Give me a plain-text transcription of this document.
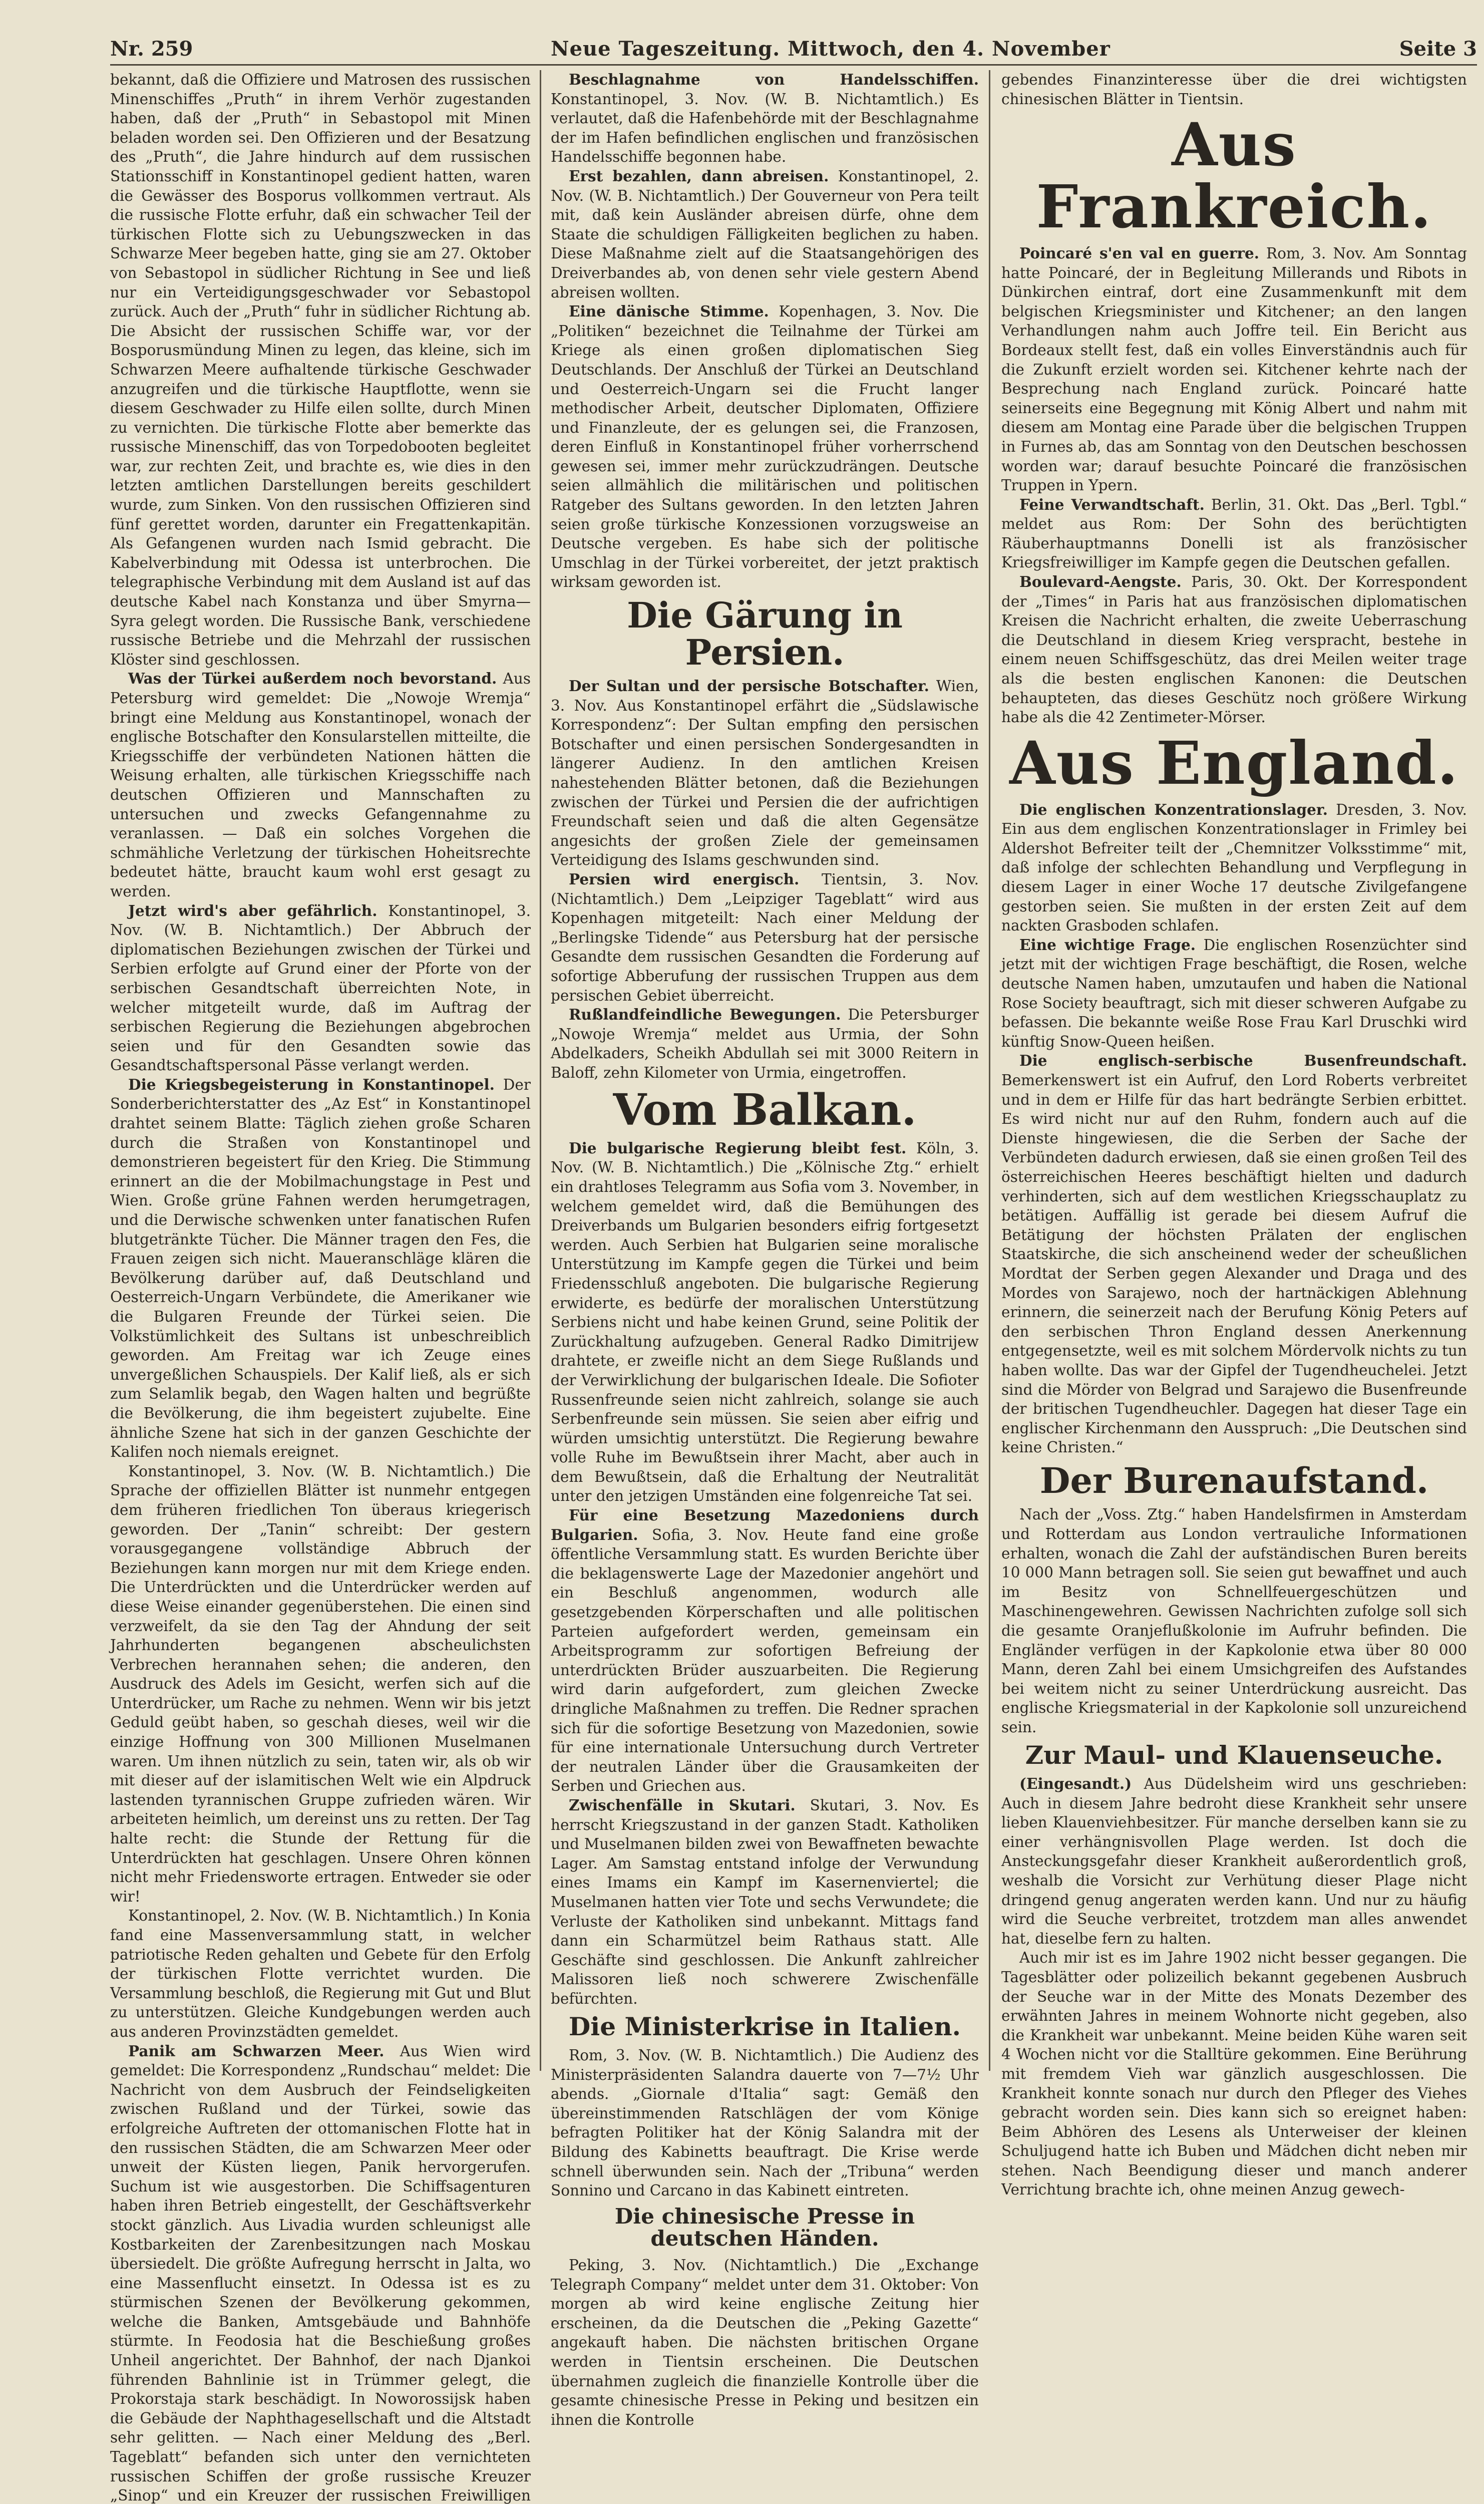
Nr. 259	Neue Tageszeitung. Mittwoch, den 4. November	Seite 3

bekannt, daß die Offiziere und Matrosen des russischen Minenschiffes „Pruth“ in ihrem Verhör zugestanden haben, daß der „Pruth“ in Sebastopol mit Minen beladen worden sei. Den Offizieren und der Besatzung des „Pruth“, die Jahre hindurch auf dem russischen Stationsschiff in Konstantinopel gedient hatten, waren die Gewässer des Bosporus vollkommen vertraut. Als die russische Flotte erfuhr, daß ein schwacher Teil der türkischen Flotte sich zu Uebungszwecken in das Schwarze Meer begeben hatte, ging sie am 27. Oktober von Sebastopol in südlicher Richtung in See und ließ nur ein Verteidigungsgeschwader vor Sebastopol zurück. Auch der „Pruth“ fuhr in südlicher Richtung ab. Die Absicht der russischen Schiffe war, vor der Bosporusmündung Minen zu legen, das kleine, sich im Schwarzen Meere aufhaltende türkische Geschwader anzugreifen und die türkische Hauptflotte, wenn sie diesem Geschwader zu Hilfe eilen sollte, durch Minen zu vernichten. Die türkische Flotte aber bemerkte das russische Minenschiff, das von Torpedobooten begleitet war, zur rechten Zeit, und brachte es, wie dies in den letzten amtlichen Darstellungen bereits geschildert wurde, zum Sinken. Von den russischen Offizieren sind fünf gerettet worden, darunter ein Fregattenkapitän. Als Gefangenen wurden nach Ismid gebracht. Die Kabelverbindung mit Odessa ist unterbrochen. Die telegraphische Verbindung mit dem Ausland ist auf das deutsche Kabel nach Konstanza und über Smyrna—Syra gelegt worden. Die Russische Bank, verschiedene russische Betriebe und die Mehrzahl der russischen Klöster sind geschlossen.

Was der Türkei außerdem noch bevorstand. Aus Petersburg wird gemeldet: Die „Nowoje Wremja“ bringt eine Meldung aus Konstantinopel, wonach der englische Botschafter den Konsularstellen mitteilte, die Kriegsschiffe der verbündeten Nationen hätten die Weisung erhalten, alle türkischen Kriegsschiffe nach deutschen Offizieren und Mannschaften zu untersuchen und zwecks Gefangennahme zu veranlassen. — Daß ein solches Vorgehen die schmähliche Verletzung der türkischen Hoheitsrechte bedeutet hätte, braucht kaum wohl erst gesagt zu werden.

Jetzt wird's aber gefährlich. Konstantinopel, 3. Nov. (W. B. Nichtamtlich.) Der Abbruch der diplomatischen Beziehungen zwischen der Türkei und Serbien erfolgte auf Grund einer der Pforte von der serbischen Gesandtschaft überreichten Note, in welcher mitgeteilt wurde, daß im Auftrag der serbischen Regierung die Beziehungen abgebrochen seien und für den Gesandten sowie das Gesandtschaftspersonal Pässe verlangt werden.

Die Kriegsbegeisterung in Konstantinopel. Der Sonderberichterstatter des „Az Est“ in Konstantinopel drahtet seinem Blatte: Täglich ziehen große Scharen durch die Straßen von Konstantinopel und demonstrieren begeistert für den Krieg. Die Stimmung erinnert an die der Mobilmachungstage in Pest und Wien. Große grüne Fahnen werden herumgetragen, und die Derwische schwenken unter fanatischen Rufen blutgetränkte Tücher. Die Männer tragen den Fes, die Frauen zeigen sich nicht. Maueranschläge klären die Bevölkerung darüber auf, daß Deutschland und Oesterreich-Ungarn Verbündete, die Amerikaner wie die Bulgaren Freunde der Türkei seien. Die Volkstümlichkeit des Sultans ist unbeschreiblich geworden. Am Freitag war ich Zeuge eines unvergeßlichen Schauspiels. Der Kalif ließ, als er sich zum Selamlik begab, den Wagen halten und begrüßte die Bevölkerung, die ihm begeistert zujubelte. Eine ähnliche Szene hat sich in der ganzen Geschichte der Kalifen noch niemals ereignet.

Konstantinopel, 3. Nov. (W. B. Nichtamtlich.) Die Sprache der offiziellen Blätter ist nunmehr entgegen dem früheren friedlichen Ton überaus kriegerisch geworden. Der „Tanin“ schreibt: Der gestern vorausgegangene vollständige Abbruch der Beziehungen kann morgen nur mit dem Kriege enden. Die Unterdrückten und die Unterdrücker werden auf diese Weise einander gegenüberstehen. Die einen sind verzweifelt, da sie den Tag der Ahndung der seit Jahrhunderten begangenen abscheulichsten Verbrechen herannahen sehen; die anderen, den Ausdruck des Adels im Gesicht, werfen sich auf die Unterdrücker, um Rache zu nehmen. Wenn wir bis jetzt Geduld geübt haben, so geschah dieses, weil wir die einzige Hoffnung von 300 Millionen Muselmanen waren. Um ihnen nützlich zu sein, taten wir, als ob wir mit dieser auf der islamitischen Welt wie ein Alpdruck lastenden tyrannischen Gruppe zufrieden wären. Wir arbeiteten heimlich, um dereinst uns zu retten. Der Tag halte recht: die Stunde der Rettung für die Unterdrückten hat geschlagen. Unsere Ohren können nicht mehr Friedensworte ertragen. Entweder sie oder wir!

Konstantinopel, 2. Nov. (W. B. Nichtamtlich.) In Konia fand eine Massenversammlung statt, in welcher patriotische Reden gehalten und Gebete für den Erfolg der türkischen Flotte verrichtet wurden. Die Versammlung beschloß, die Regierung mit Gut und Blut zu unterstützen. Gleiche Kundgebungen werden auch aus anderen Provinzstädten gemeldet.

Panik am Schwarzen Meer. Aus Wien wird gemeldet: Die Korrespondenz „Rundschau“ meldet: Die Nachricht von dem Ausbruch der Feindseligkeiten zwischen Rußland und der Türkei, sowie das erfolgreiche Auftreten der ottomanischen Flotte hat in den russischen Städten, die am Schwarzen Meer oder unweit der Küsten liegen, Panik hervorgerufen. Suchum ist wie ausgestorben. Die Schiffsagenturen haben ihren Betrieb eingestellt, der Geschäftsverkehr stockt gänzlich. Aus Livadia wurden schleunigst alle Kostbarkeiten der Zarenbesitzungen nach Moskau übersiedelt. Die größte Aufregung herrscht in Jalta, wo eine Massenflucht einsetzt. In Odessa ist es zu stürmischen Szenen der Bevölkerung gekommen, welche die Banken, Amtsgebäude und Bahnhöfe stürmte. In Feodosia hat die Beschießung großes Unheil angerichtet. Der Bahnhof, der nach Djankoi führenden Bahnlinie ist in Trümmer gelegt, die Prokorstaja stark beschädigt. In Noworossijsk haben die Gebäude der Naphthagesellschaft und die Altstadt sehr gelitten. — Nach einer Meldung des „Berl. Tageblatt“ befanden sich unter den vernichteten russischen Schiffen der große russische Kreuzer „Sinop“ und ein Kreuzer der russischen Freiwilligen

Beschlagnahme von Handelsschiffen. Konstantinopel, 3. Nov. (W. B. Nichtamtlich.) Es verlautet, daß die Hafenbehörde mit der Beschlagnahme der im Hafen befindlichen englischen und französischen Handelsschiffe begonnen habe.

Erst bezahlen, dann abreisen. Konstantinopel, 2. Nov. (W. B. Nichtamtlich.) Der Gouverneur von Pera teilt mit, daß kein Ausländer abreisen dürfe, ohne dem Staate die schuldigen Fälligkeiten beglichen zu haben. Diese Maßnahme zielt auf die Staatsangehörigen des Dreiverbandes ab, von denen sehr viele gestern Abend abreisen wollten.

Eine dänische Stimme. Kopenhagen, 3. Nov. Die „Politiken“ bezeichnet die Teilnahme der Türkei am Kriege als einen großen diplomatischen Sieg Deutschlands. Der Anschluß der Türkei an Deutschland und Oesterreich-Ungarn sei die Frucht langer methodischer Arbeit, deutscher Diplomaten, Offiziere und Finanzleute, der es gelungen sei, die Franzosen, deren Einfluß in Konstantinopel früher vorherrschend gewesen sei, immer mehr zurückzudrängen. Deutsche seien allmählich die militärischen und politischen Ratgeber des Sultans geworden. In den letzten Jahren seien große türkische Konzessionen vorzugsweise an Deutsche vergeben. Es habe sich der politische Umschlag in der Türkei vorbereitet, der jetzt praktisch wirksam geworden ist.

Die Gärung in Persien.

Der Sultan und der persische Botschafter. Wien, 3. Nov. Aus Konstantinopel erfährt die „Südslawische Korrespondenz“: Der Sultan empfing den persischen Botschafter und einen persischen Sondergesandten in längerer Audienz. In den amtlichen Kreisen nahestehenden Blätter betonen, daß die Beziehungen zwischen der Türkei und Persien die der aufrichtigen Freundschaft seien und daß die alten Gegensätze angesichts der großen Ziele der gemeinsamen Verteidigung des Islams geschwunden sind.

Persien wird energisch. Tientsin, 3. Nov. (Nichtamtlich.) Dem „Leipziger Tageblatt“ wird aus Kopenhagen mitgeteilt: Nach einer Meldung der „Berlingske Tidende“ aus Petersburg hat der persische Gesandte dem russischen Gesandten die Forderung auf sofortige Abberufung der russischen Truppen aus dem persischen Gebiet überreicht.

Rußlandfeindliche Bewegungen. Die Petersburger „Nowoje Wremja“ meldet aus Urmia, der Sohn Abdelkaders, Scheikh Abdullah sei mit 3000 Reitern in Baloff, zehn Kilometer von Urmia, eingetroffen.

Vom Balkan.

Die bulgarische Regierung bleibt fest. Köln, 3. Nov. (W. B. Nichtamtlich.) Die „Kölnische Ztg.“ erhielt ein drahtloses Telegramm aus Sofia vom 3. November, in welchem gemeldet wird, daß die Bemühungen des Dreiverbands um Bulgarien besonders eifrig fortgesetzt werden. Auch Serbien hat Bulgarien seine moralische Unterstützung im Kampfe gegen die Türkei und beim Friedensschluß angeboten. Die bulgarische Regierung erwiderte, es bedürfe der moralischen Unterstützung Serbiens nicht und habe keinen Grund, seine Politik der Zurückhaltung aufzugeben. General Radko Dimitrijew drahtete, er zweifle nicht an dem Siege Rußlands und der Verwirklichung der bulgarischen Ideale. Die Sofioter Russenfreunde seien nicht zahlreich, solange sie auch Serbenfreunde sein müssen. Sie seien aber eifrig und würden umsichtig unterstützt. Die Regierung bewahre volle Ruhe im Bewußtsein ihrer Macht, aber auch in dem Bewußtsein, daß die Erhaltung der Neutralität unter den jetzigen Umständen eine folgenreiche Tat sei.

Für eine Besetzung Mazedoniens durch Bulgarien. Sofia, 3. Nov. Heute fand eine große öffentliche Versammlung statt. Es wurden Berichte über die beklagenswerte Lage der Mazedonier angehört und ein Beschluß angenommen, wodurch alle gesetzgebenden Körperschaften und alle politischen Parteien aufgefordert werden, gemeinsam ein Arbeitsprogramm zur sofortigen Befreiung der unterdrückten Brüder auszuarbeiten. Die Regierung wird darin aufgefordert, zum gleichen Zwecke dringliche Maßnahmen zu treffen. Die Redner sprachen sich für die sofortige Besetzung von Mazedonien, sowie für eine internationale Untersuchung durch Vertreter der neutralen Länder über die Grausamkeiten der Serben und Griechen aus.

Zwischenfälle in Skutari. Skutari, 3. Nov. Es herrscht Kriegszustand in der ganzen Stadt. Katholiken und Muselmanen bilden zwei von Bewaffneten bewachte Lager. Am Samstag entstand infolge der Verwundung eines Imams ein Kampf im Kasernenviertel; die Muselmanen hatten vier Tote und sechs Verwundete; die Verluste der Katholiken sind unbekannt. Mittags fand dann ein Scharmützel beim Rathaus statt. Alle Geschäfte sind geschlossen. Die Ankunft zahlreicher Malissoren ließ noch schwerere Zwischenfälle befürchten.

Die Ministerkrise in Italien.

Rom, 3. Nov. (W. B. Nichtamtlich.) Die Audienz des Ministerpräsidenten Salandra dauerte von 7—7½ Uhr abends. „Giornale d'Italia“ sagt: Gemäß den übereinstimmenden Ratschlägen der vom Könige befragten Politiker hat der König Salandra mit der Bildung des Kabinetts beauftragt. Die Krise werde schnell überwunden sein. Nach der „Tribuna“ werden Sonnino und Carcano in das Kabinett eintreten.

Die chinesische Presse in deutschen Händen.

Peking, 3. Nov. (Nichtamtlich.) Die „Exchange Telegraph Company“ meldet unter dem 31. Oktober: Von morgen ab wird keine englische Zeitung hier erscheinen, da die Deutschen die „Peking Gazette“ angekauft haben. Die nächsten britischen Organe werden in Tientsin erscheinen. Die Deutschen übernahmen zugleich die finanzielle Kontrolle über die gesamte chinesische Presse in Peking und besitzen ein ihnen die Kontrolle

gebendes Finanzinteresse über die drei wichtigsten chinesischen Blätter in Tientsin.

Aus Frankreich.

Poincaré s'en val en guerre. Rom, 3. Nov. Am Sonntag hatte Poincaré, der in Begleitung Millerands und Ribots in Dünkirchen eintraf, dort eine Zusammenkunft mit dem belgischen Kriegsminister und Kitchener; an den langen Verhandlungen nahm auch Joffre teil. Ein Bericht aus Bordeaux stellt fest, daß ein volles Einverständnis auch für die Zukunft erzielt worden sei. Kitchener kehrte nach der Besprechung nach England zurück. Poincaré hatte seinerseits eine Begegnung mit König Albert und nahm mit diesem am Montag eine Parade über die belgischen Truppen in Furnes ab, das am Sonntag von den Deutschen beschossen worden war; darauf besuchte Poincaré die französischen Truppen in Ypern.

Feine Verwandtschaft. Berlin, 31. Okt. Das „Berl. Tgbl.“ meldet aus Rom: Der Sohn des berüchtigten Räuberhauptmanns Donelli ist als französischer Kriegsfreiwilliger im Kampfe gegen die Deutschen gefallen.

Boulevard-Aengste. Paris, 30. Okt. Der Korrespondent der „Times“ in Paris hat aus französischen diplomatischen Kreisen die Nachricht erhalten, die zweite Ueberraschung die Deutschland in diesem Krieg verspracht, bestehe in einem neuen Schiffsgeschütz, das drei Meilen weiter trage als die besten englischen Kanonen: die Deutschen behaupteten, das dieses Geschütz noch größere Wirkung habe als die 42 Zentimeter-Mörser.

Aus England.

Die englischen Konzentrationslager. Dresden, 3. Nov. Ein aus dem englischen Konzentrationslager in Frimley bei Aldershot Befreiter teilt der „Chemnitzer Volksstimme“ mit, daß infolge der schlechten Behandlung und Verpflegung in diesem Lager in einer Woche 17 deutsche Zivilgefangene gestorben seien. Sie mußten in der ersten Zeit auf dem nackten Grasboden schlafen.

Eine wichtige Frage. Die englischen Rosenzüchter sind jetzt mit der wichtigen Frage beschäftigt, die Rosen, welche deutsche Namen haben, umzutaufen und haben die National Rose Society beauftragt, sich mit dieser schweren Aufgabe zu befassen. Die bekannte weiße Rose Frau Karl Druschki wird künftig Snow-Queen heißen.

Die englisch-serbische Busenfreundschaft. Bemerkenswert ist ein Aufruf, den Lord Roberts verbreitet und in dem er Hilfe für das hart bedrängte Serbien erbittet. Es wird nicht nur auf den Ruhm, fondern auch auf die Dienste hingewiesen, die die Serben der Sache der Verbündeten dadurch erwiesen, daß sie einen großen Teil des österreichischen Heeres beschäftigt hielten und dadurch verhinderten, sich auf dem westlichen Kriegsschauplatz zu betätigen. Auffällig ist gerade bei diesem Aufruf die Betätigung der höchsten Prälaten der englischen Staatskirche, die sich anscheinend weder der scheußlichen Mordtat der Serben gegen Alexander und Draga und des Mordes von Sarajewo, noch der hartnäckigen Ablehnung erinnern, die seinerzeit nach der Berufung König Peters auf den serbischen Thron England dessen Anerkennung entgegensetzte, weil es mit solchem Mördervolk nichts zu tun haben wollte. Das war der Gipfel der Tugendheuchelei. Jetzt sind die Mörder von Belgrad und Sarajewo die Busenfreunde der britischen Tugendheuchler. Dagegen hat dieser Tage ein englischer Kirchenmann den Ausspruch: „Die Deutschen sind keine Christen.“

Der Burenaufstand.

Nach der „Voss. Ztg.“ haben Handelsfirmen in Amsterdam und Rotterdam aus London vertrauliche Informationen erhalten, wonach die Zahl der aufständischen Buren bereits 10 000 Mann betragen soll. Sie seien gut bewaffnet und auch im Besitz von Schnellfeuergeschützen und Maschinengewehren. Gewissen Nachrichten zufolge soll sich die gesamte Oranjeflußkolonie im Aufruhr befinden. Die Engländer verfügen in der Kapkolonie etwa über 80 000 Mann, deren Zahl bei einem Umsichgreifen des Aufstandes bei weitem nicht zu seiner Unterdrückung ausreicht. Das englische Kriegsmaterial in der Kapkolonie soll unzureichend sein.

Zur Maul- und Klauenseuche.

(Eingesandt.) Aus Düdelsheim wird uns geschrieben: Auch in diesem Jahre bedroht diese Krankheit sehr unsere lieben Klauenviehbesitzer. Für manche derselben kann sie zu einer verhängnisvollen Plage werden. Ist doch die Ansteckungsgefahr dieser Krankheit außerordentlich groß, weshalb die Vorsicht zur Verhütung dieser Plage nicht dringend genug angeraten werden kann. Und nur zu häufig wird die Seuche verbreitet, trotzdem man alles anwendet hat, dieselbe fern zu halten.

Auch mir ist es im Jahre 1902 nicht besser gegangen. Die Tagesblätter oder polizeilich bekannt gegebenen Ausbruch der Seuche war in der Mitte des Monats Dezember des erwähnten Jahres in meinem Wohnorte nicht gegeben, also die Krankheit war unbekannt. Meine beiden Kühe waren seit 4 Wochen nicht vor die Stalltüre gekommen. Eine Berührung mit fremdem Vieh war gänzlich ausgeschlossen. Die Krankheit konnte sonach nur durch den Pfleger des Viehes gebracht worden sein. Dies kann sich so ereignet haben: Beim Abhören des Lesens als Unterweiser der kleinen Schuljugend hatte ich Buben und Mädchen dicht neben mir stehen. Nach Beendigung dieser und manch anderer Verrichtung brachte ich, ohne meinen Anzug gewech-
